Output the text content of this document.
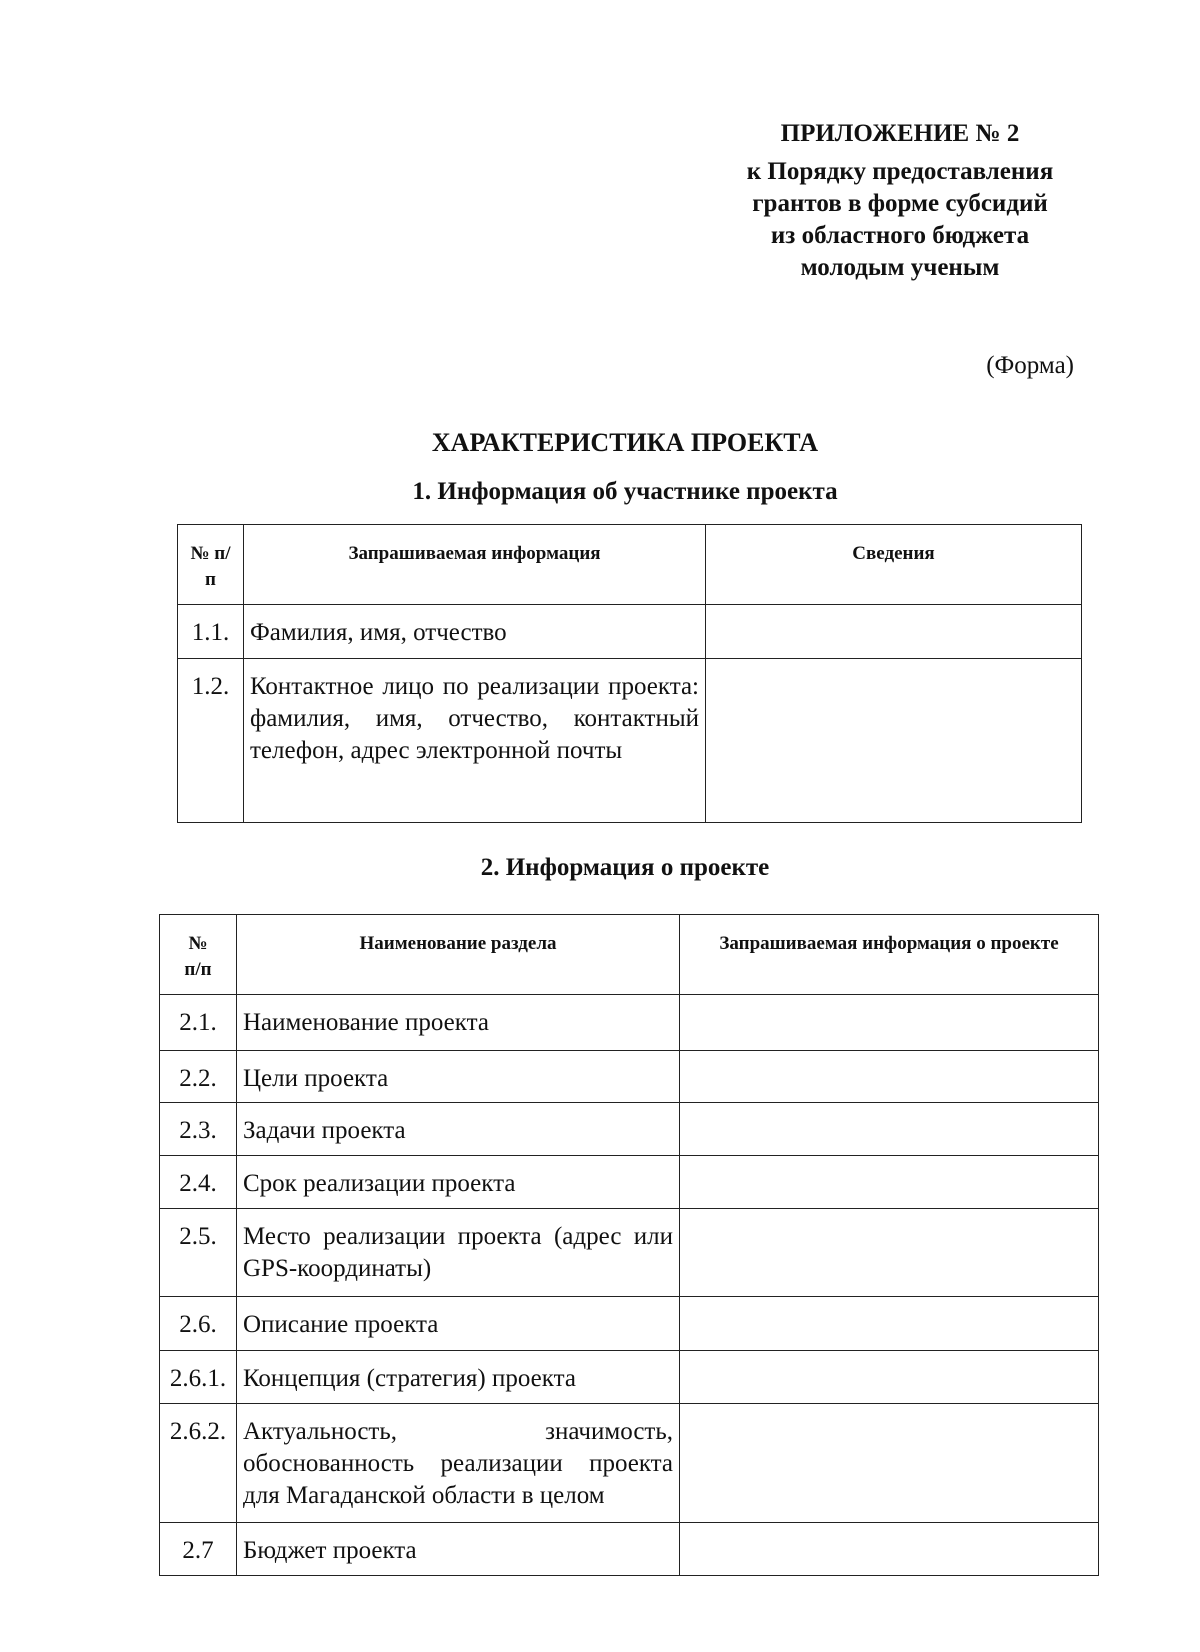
ПРИЛОЖЕНИЕ № 2
к Порядку предоставления
грантов в форме субсидий
из областного бюджета
молодым ученым
(Форма)
ХАРАКТЕРИСТИКА ПРОЕКТА
1. Информация об участнике проекта
№ п/п	Запрашиваемая информация	Сведения
1.1.	Фамилия, имя, отчество	
1.2.	Контактное лицо по реализации проекта: фамилия, имя, отчество, контактный телефон, адрес электронной почты	
2. Информация о проекте
№ п/п	Наименование раздела	Запрашиваемая информация о проекте
2.1.	Наименование проекта	
2.2.	Цели проекта	
2.3.	Задачи проекта	
2.4.	Срок реализации проекта	
2.5.	Место реализации проекта (адрес или GPS-координаты)	
2.6.	Описание проекта	
2.6.1.	Концепция (стратегия) проекта	
2.6.2.	Актуальность, значимость, обоснованность реализации проекта для Магаданской области в целом	
2.7	Бюджет проекта	
